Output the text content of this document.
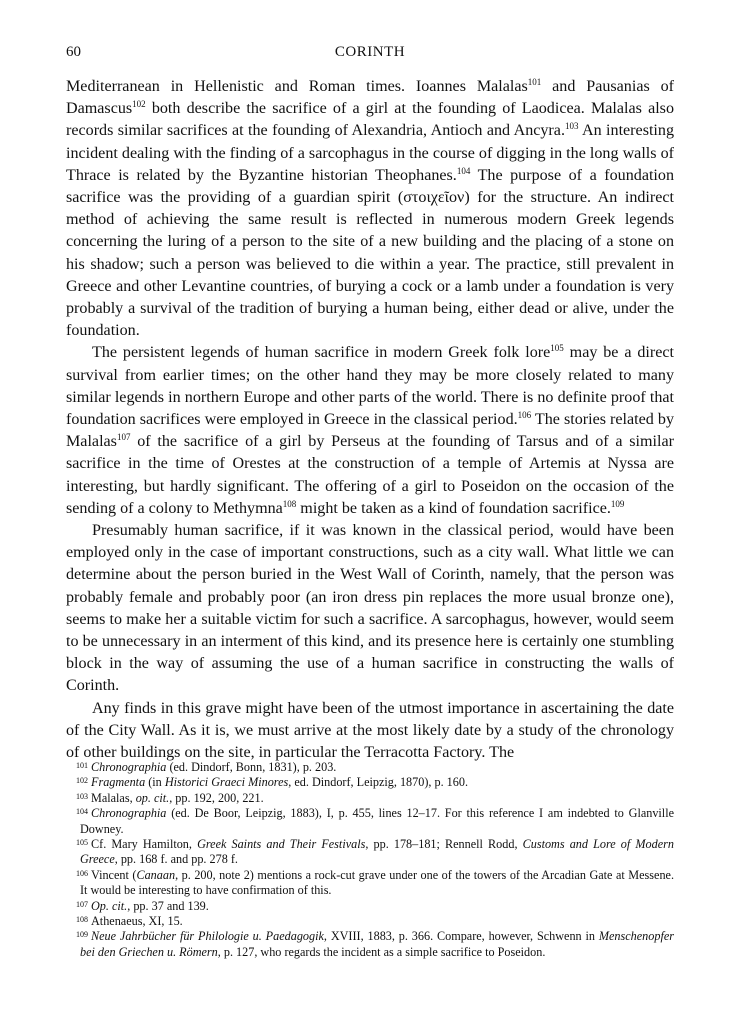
60	CORINTH

Mediterranean in Hellenistic and Roman times. Ioannes Malalas$^{101}$ and Pausanias of Damascus$^{102}$ both describe the sacrifice of a girl at the founding of Laodicea. Malalas also records similar sacrifices at the founding of Alexandria, Antioch and Ancyra.$^{103}$ An interesting incident dealing with the finding of a sarcophagus in the course of digging in the long walls of Thrace is related by the Byzantine historian Theophanes.$^{104}$ The purpose of a foundation sacrifice was the providing of a guardian spirit (στοιχεῖον) for the structure. An indirect method of achieving the same result is reflected in numerous modern Greek legends concerning the luring of a person to the site of a new building and the placing of a stone on his shadow; such a person was believed to die within a year. The practice, still prevalent in Greece and other Levantine countries, of burying a cock or a lamb under a foundation is very probably a survival of the tradition of burying a human being, either dead or alive, under the foundation.

The persistent legends of human sacrifice in modern Greek folk lore$^{105}$ may be a direct survival from earlier times; on the other hand they may be more closely related to many similar legends in northern Europe and other parts of the world. There is no definite proof that foundation sacrifices were employed in Greece in the classical period.$^{106}$ The stories related by Malalas$^{107}$ of the sacrifice of a girl by Perseus at the founding of Tarsus and of a similar sacrifice in the time of Orestes at the construction of a temple of Artemis at Nyssa are interesting, but hardly significant. The offering of a girl to Poseidon on the occasion of the sending of a colony to Methymna$^{108}$ might be taken as a kind of foundation sacrifice.$^{109}$

Presumably human sacrifice, if it was known in the classical period, would have been employed only in the case of important constructions, such as a city wall. What little we can determine about the person buried in the West Wall of Corinth, namely, that the person was probably female and probably poor (an iron dress pin replaces the more usual bronze one), seems to make her a suitable victim for such a sacrifice. A sarcophagus, however, would seem to be unnecessary in an interment of this kind, and its presence here is certainly one stumbling block in the way of assuming the use of a human sacrifice in constructing the walls of Corinth.

Any finds in this grave might have been of the utmost importance in ascertaining the date of the City Wall. As it is, we must arrive at the most likely date by a study of the chronology of other buildings on the site, in particular the Terracotta Factory. The

$^{101}$ Chronographia (ed. Dindorf, Bonn, 1831), p. 203.

$^{102}$ Fragmenta (in Historici Graeci Minores, ed. Dindorf, Leipzig, 1870), p. 160.

$^{103}$ Malalas, op. cit., pp. 192, 200, 221.

$^{104}$ Chronographia (ed. De Boor, Leipzig, 1883), I, p. 455, lines 12–17. For this reference I am indebted to Glanville Downey.

$^{105}$ Cf. Mary Hamilton, Greek Saints and Their Festivals, pp. 178–181; Rennell Rodd, Customs and Lore of Modern Greece, pp. 168 f. and pp. 278 f.

$^{106}$ Vincent (Canaan, p. 200, note 2) mentions a rock-cut grave under one of the towers of the Arcadian Gate at Messene. It would be interesting to have confirmation of this.

$^{107}$ Op. cit., pp. 37 and 139.

$^{108}$ Athenaeus, XI, 15.

$^{109}$ Neue Jahrbücher für Philologie u. Paedagogik, XVIII, 1883, p. 366. Compare, however, Schwenn in Menschenopfer bei den Griechen u. Römern, p. 127, who regards the incident as a simple sacrifice to Poseidon.
